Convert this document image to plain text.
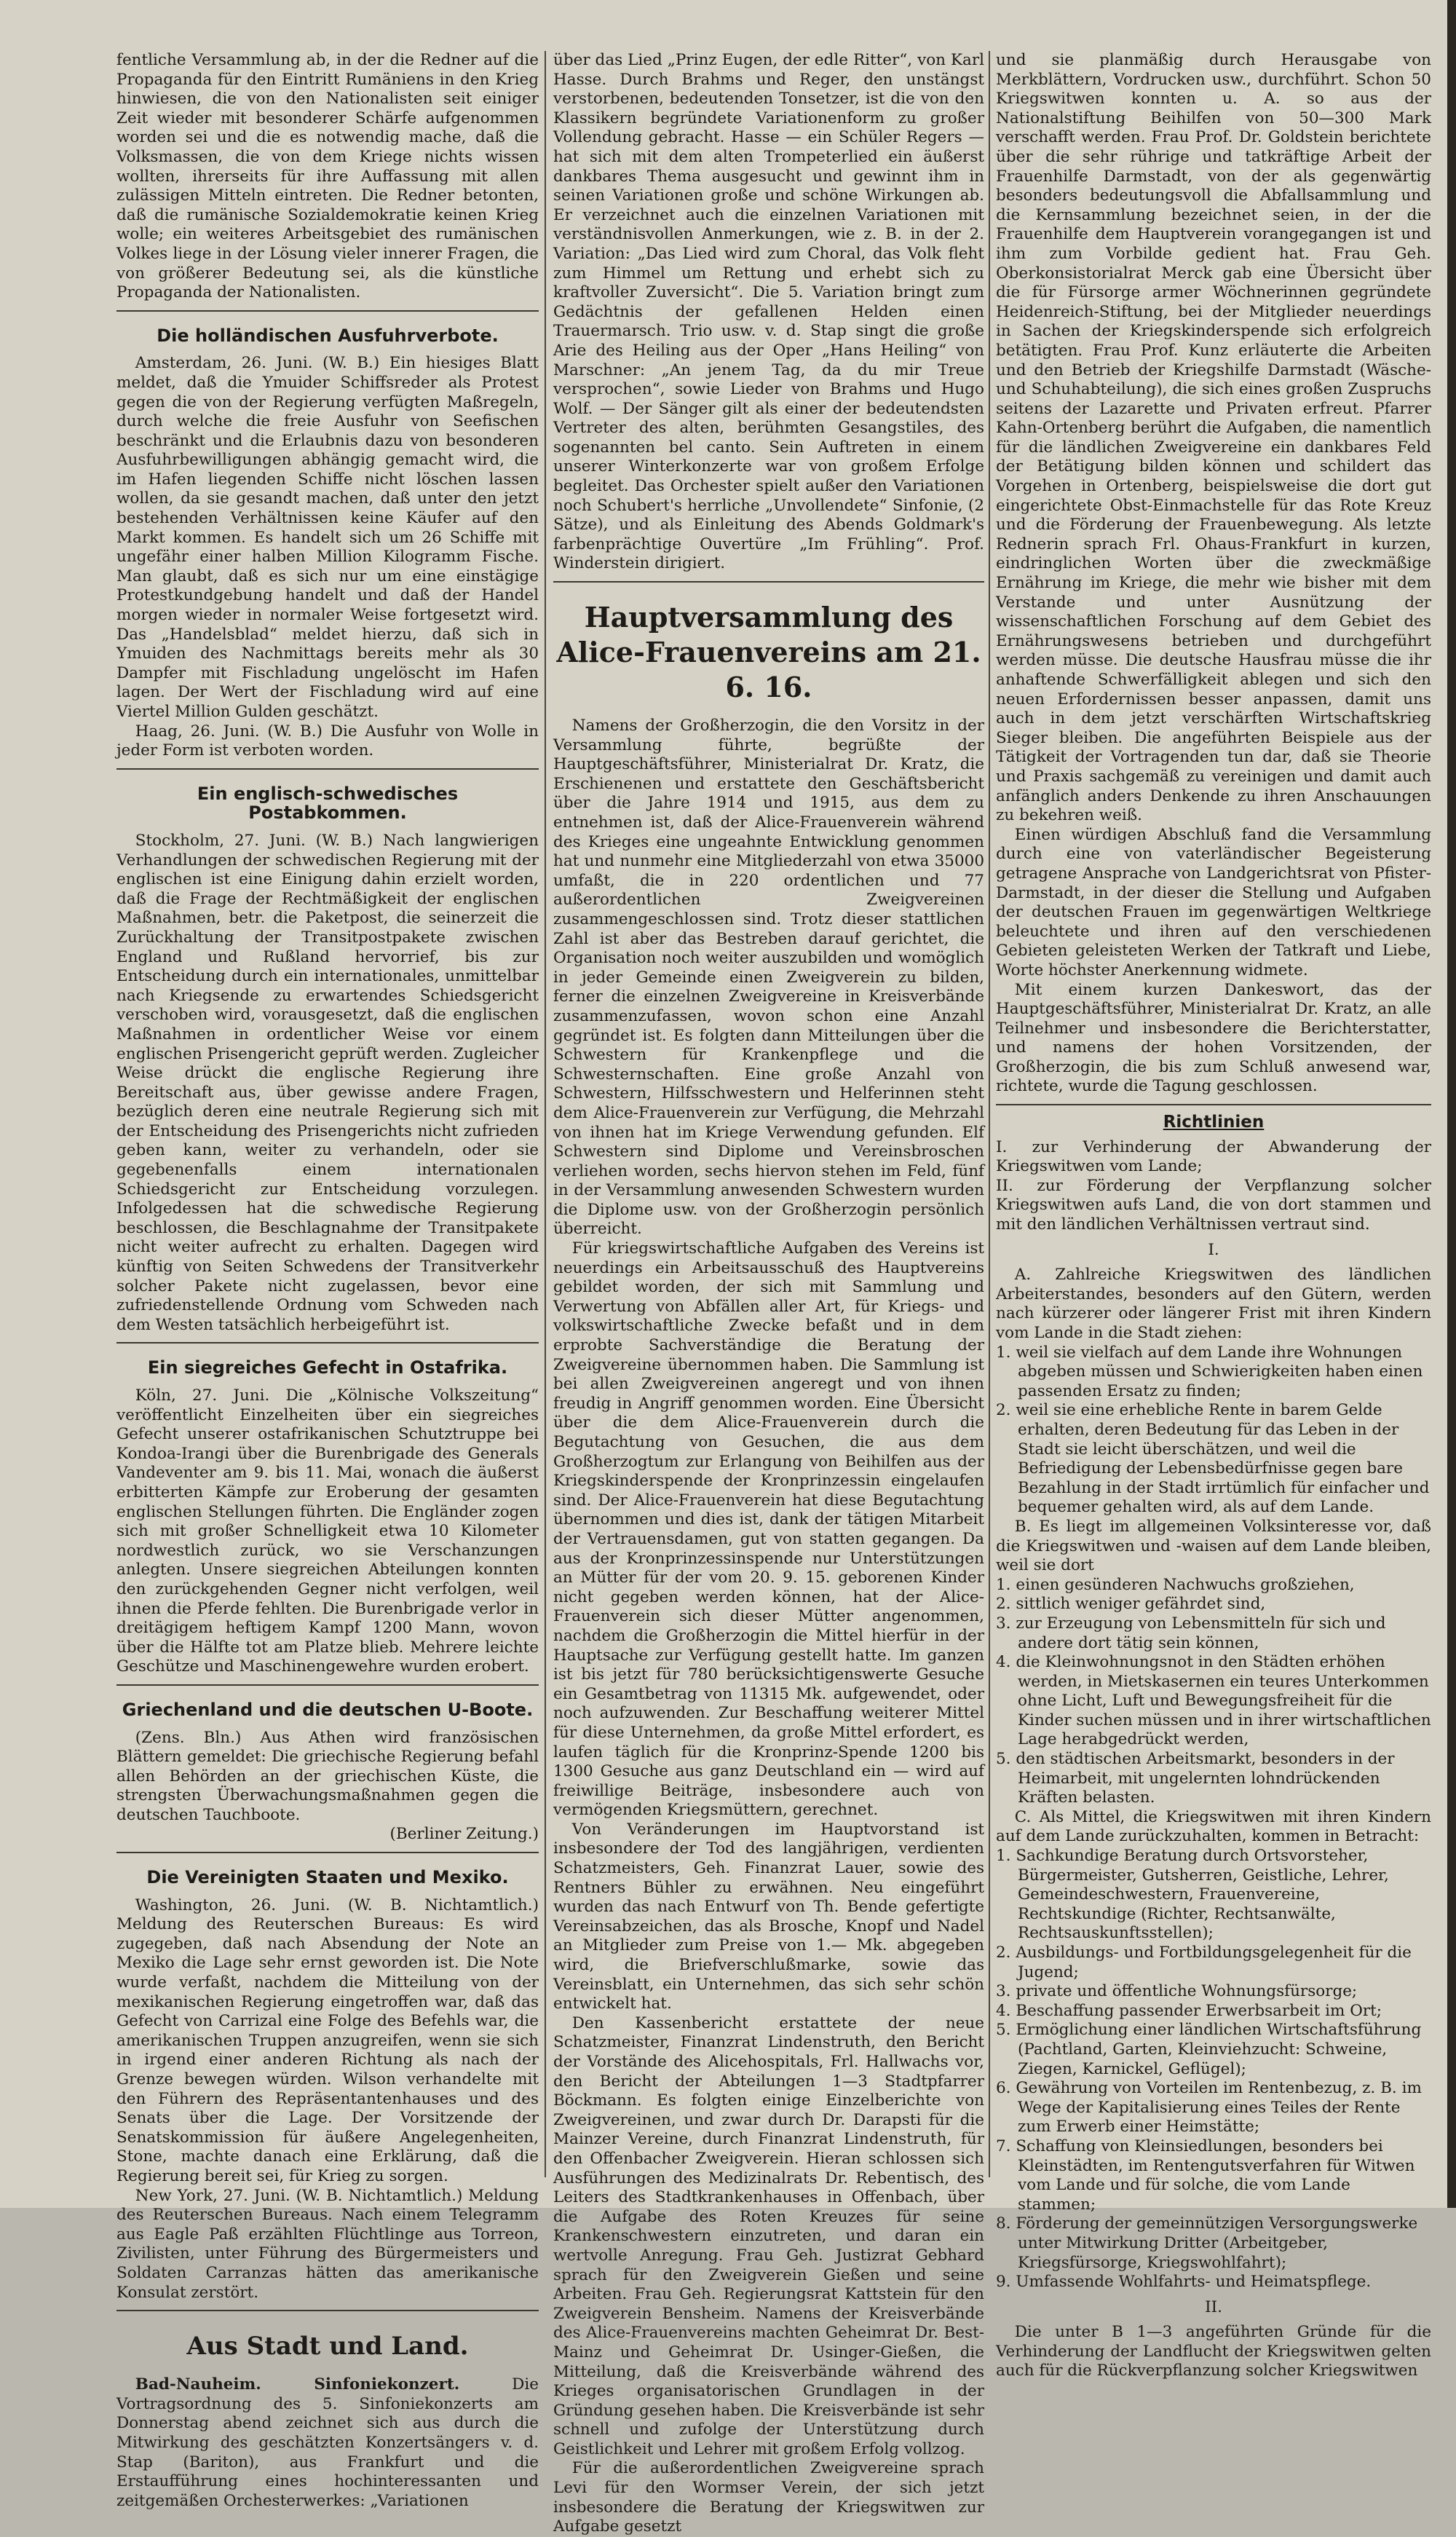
fentliche Versammlung ab, in der die Redner auf die Propaganda für den Eintritt Rumäniens in den Krieg hinwiesen, die von den Nationalisten seit einiger Zeit wieder mit besonderer Schärfe aufgenommen worden sei und die es notwendig mache, daß die Volksmassen, die von dem Kriege nichts wissen wollten, ihrerseits für ihre Auffassung mit allen zulässigen Mitteln eintreten. Die Redner betonten, daß die rumänische Sozialdemokratie keinen Krieg wolle; ein weiteres Arbeitsgebiet des rumänischen Volkes liege in der Lösung vieler innerer Fragen, die von größerer Bedeutung sei, als die künstliche Propaganda der Nationalisten.

Die holländischen Ausfuhrverbote.

Amsterdam, 26. Juni. (W. B.) Ein hiesiges Blatt meldet, daß die Ymuider Schiffsreder als Protest gegen die von der Regierung verfügten Maßregeln, durch welche die freie Ausfuhr von Seefischen beschränkt und die Erlaubnis dazu von besonderen Ausfuhrbewilligungen abhängig gemacht wird, die im Hafen liegenden Schiffe nicht löschen lassen wollen, da sie gesandt machen, daß unter den jetzt bestehenden Verhältnissen keine Käufer auf den Markt kommen. Es handelt sich um 26 Schiffe mit ungefähr einer halben Million Kilogramm Fische. Man glaubt, daß es sich nur um eine einstägige Protestkundgebung handelt und daß der Handel morgen wieder in normaler Weise fortgesetzt wird. Das „Handelsblad“ meldet hierzu, daß sich in Ymuiden des Nachmittags bereits mehr als 30 Dampfer mit Fischladung ungelöscht im Hafen lagen. Der Wert der Fischladung wird auf eine Viertel Million Gulden geschätzt.

Haag, 26. Juni. (W. B.) Die Ausfuhr von Wolle in jeder Form ist verboten worden.

Ein englisch-schwedisches Postabkommen.

Stockholm, 27. Juni. (W. B.) Nach langwierigen Verhandlungen der schwedischen Regierung mit der englischen ist eine Einigung dahin erzielt worden, daß die Frage der Rechtmäßigkeit der englischen Maßnahmen, betr. die Paketpost, die seinerzeit die Zurückhaltung der Transitpostpakete zwischen England und Rußland hervorrief, bis zur Entscheidung durch ein internationales, unmittelbar nach Kriegsende zu erwartendes Schiedsgericht verschoben wird, vorausgesetzt, daß die englischen Maßnahmen in ordentlicher Weise vor einem englischen Prisengericht geprüft werden. Zugleicher Weise drückt die englische Regierung ihre Bereitschaft aus, über gewisse andere Fragen, bezüglich deren eine neutrale Regierung sich mit der Entscheidung des Prisengerichts nicht zufrieden geben kann, weiter zu verhandeln, oder sie gegebenenfalls einem internationalen Schiedsgericht zur Entscheidung vorzulegen. Infolgedessen hat die schwedische Regierung beschlossen, die Beschlagnahme der Transitpakete nicht weiter aufrecht zu erhalten. Dagegen wird künftig von Seiten Schwedens der Transitverkehr solcher Pakete nicht zugelassen, bevor eine zufriedenstellende Ordnung vom Schweden nach dem Westen tatsächlich herbeigeführt ist.

Ein siegreiches Gefecht in Ostafrika.

Köln, 27. Juni. Die „Kölnische Volkszeitung“ veröffentlicht Einzelheiten über ein siegreiches Gefecht unserer ostafrikanischen Schutztruppe bei Kondoa-Irangi über die Burenbrigade des Generals Vandeventer am 9. bis 11. Mai, wonach die äußerst erbitterten Kämpfe zur Eroberung der gesamten englischen Stellungen führten. Die Engländer zogen sich mit großer Schnelligkeit etwa 10 Kilometer nordwestlich zurück, wo sie Verschanzungen anlegten. Unsere siegreichen Abteilungen konnten den zurückgehenden Gegner nicht verfolgen, weil ihnen die Pferde fehlten. Die Burenbrigade verlor in dreitägigem heftigem Kampf 1200 Mann, wovon über die Hälfte tot am Platze blieb. Mehrere leichte Geschütze und Maschinengewehre wurden erobert.

Griechenland und die deutschen U-Boote.

(Zens. Bln.) Aus Athen wird französischen Blättern gemeldet: Die griechische Regierung befahl allen Behörden an der griechischen Küste, die strengsten Überwachungsmaßnahmen gegen die deutschen Tauchboote.

(Berliner Zeitung.)
Die Vereinigten Staaten und Mexiko.

Washington, 26. Juni. (W. B. Nichtamtlich.) Meldung des Reuterschen Bureaus: Es wird zugegeben, daß nach Absendung der Note an Mexiko die Lage sehr ernst geworden ist. Die Note wurde verfaßt, nachdem die Mitteilung von der mexikanischen Regierung eingetroffen war, daß das Gefecht von Carrizal eine Folge des Befehls war, die amerikanischen Truppen anzugreifen, wenn sie sich in irgend einer anderen Richtung als nach der Grenze bewegen würden. Wilson verhandelte mit den Führern des Repräsentantenhauses und des Senats über die Lage. Der Vorsitzende der Senatskommission für äußere Angelegenheiten, Stone, machte danach eine Erklärung, daß die Regierung bereit sei, für Krieg zu sorgen.

New York, 27. Juni. (W. B. Nichtamtlich.) Meldung des Reuterschen Bureaus. Nach einem Telegramm aus Eagle Paß erzählten Flüchtlinge aus Torreon, Zivilisten, unter Führung des Bürgermeisters und Soldaten Carranzas hätten das amerikanische Konsulat zerstört.

Aus Stadt und Land.

Bad-Nauheim. Sinfoniekonzert.	Die Vortragsordnung des 5. Sinfoniekonzerts am Donnerstag abend zeichnet sich aus durch die Mitwirkung des geschätzten Konzertsängers v. d. Stap (Bariton), aus Frankfurt und die Erstaufführung eines hochinteressanten und zeitgemäßen Orchesterwerkes: „Variationen

über das Lied „Prinz Eugen, der edle Ritter“, von Karl Hasse. Durch Brahms und Reger, den unstängst verstorbenen, bedeutenden Tonsetzer, ist die von den Klassikern begründete Variationenform zu großer Vollendung gebracht. Hasse — ein Schüler Regers — hat sich mit dem alten Trompeterlied ein äußerst dankbares Thema ausgesucht und gewinnt ihm in seinen Variationen große und schöne Wirkungen ab. Er verzeichnet auch die einzelnen Variationen mit verständnisvollen Anmerkungen, wie z. B. in der 2. Variation: „Das Lied wird zum Choral, das Volk fleht zum Himmel um Rettung und erhebt sich zu kraftvoller Zuversicht“. Die 5. Variation bringt zum Gedächtnis der gefallenen Helden einen Trauermarsch. Trio usw. v. d. Stap singt die große Arie des Heiling aus der Oper „Hans Heiling“ von Marschner: „An jenem Tag, da du mir Treue versprochen“, sowie Lieder von Brahms und Hugo Wolf. — Der Sänger gilt als einer der bedeutendsten Vertreter des alten, berühmten Gesangstiles, des sogenannten bel canto. Sein Auftreten in einem unserer Winterkonzerte war von großem Erfolge begleitet. Das Orchester spielt außer den Variationen noch Schubert's herrliche „Unvollendete“ Sinfonie, (2 Sätze), und als Einleitung des Abends Goldmark's farbenprächtige Ouvertüre „Im Frühling“. Prof. Winderstein dirigiert.

Hauptversammlung des Alice-Frauenvereins am 21. 6. 16.

Namens der Großherzogin, die den Vorsitz in der Versammlung führte, begrüßte der Hauptgeschäftsführer, Ministerialrat Dr. Kratz, die Erschienenen und erstattete den Geschäftsbericht über die Jahre 1914 und 1915, aus dem zu entnehmen ist, daß der Alice-Frauenverein während des Krieges eine ungeahnte Entwicklung genommen hat und nunmehr eine Mitgliederzahl von etwa 35000 umfaßt, die in 220 ordentlichen und 77 außerordentlichen Zweigvereinen zusammengeschlossen sind. Trotz dieser stattlichen Zahl ist aber das Bestreben darauf gerichtet, die Organisation noch weiter auszubilden und womöglich in jeder Gemeinde einen Zweigverein zu bilden, ferner die einzelnen Zweigvereine in Kreisverbände zusammenzufassen, wovon schon eine Anzahl gegründet ist. Es folgten dann Mitteilungen über die Schwestern für Krankenpflege und die Schwesternschaften. Eine große Anzahl von Schwestern, Hilfsschwestern und Helferinnen steht dem Alice-Frauenverein zur Verfügung, die Mehrzahl von ihnen hat im Kriege Verwendung gefunden. Elf Schwestern sind Diplome und Vereinsbroschen verliehen worden, sechs hiervon stehen im Feld, fünf in der Versammlung anwesenden Schwestern wurden die Diplome usw. von der Großherzogin persönlich überreicht.

Für kriegswirtschaftliche Aufgaben des Vereins ist neuerdings ein Arbeitsausschuß des Hauptvereins gebildet worden, der sich mit Sammlung und Verwertung von Abfällen aller Art, für Kriegs- und volkswirtschaftliche Zwecke befaßt und in dem erprobte Sachverständige die Beratung der Zweigvereine übernommen haben. Die Sammlung ist bei allen Zweigvereinen angeregt und von ihnen freudig in Angriff genommen worden. Eine Übersicht über die dem Alice-Frauenverein durch die Begutachtung von Gesuchen, die aus dem Großherzogtum zur Erlangung von Beihilfen aus der Kriegskinderspende der Kronprinzessin eingelaufen sind. Der Alice-Frauenverein hat diese Begutachtung übernommen und dies ist, dank der tätigen Mitarbeit der Vertrauensdamen, gut von statten gegangen. Da aus der Kronprinzessinspende nur Unterstützungen an Mütter für der vom 20. 9. 15. geborenen Kinder nicht gegeben werden können, hat der Alice-Frauenverein sich dieser Mütter angenommen, nachdem die Großherzogin die Mittel hierfür in der Hauptsache zur Verfügung gestellt hatte. Im ganzen ist bis jetzt für 780 berücksichtigenswerte Gesuche ein Gesamtbetrag von 11315 Mk. aufgewendet, oder noch aufzuwenden. Zur Beschaffung weiterer Mittel für diese Unternehmen, da große Mittel erfordert, es laufen täglich für die Kronprinz-Spende 1200 bis 1300 Gesuche aus ganz Deutschland ein — wird auf freiwillige Beiträge, insbesondere auch von vermögenden Kriegsmüttern, gerechnet.

Von Veränderungen im Hauptvorstand ist insbesondere der Tod des langjährigen, verdienten Schatzmeisters, Geh. Finanzrat Lauer, sowie des Rentners Bühler zu erwähnen. Neu eingeführt wurden das nach Entwurf von Th. Bende gefertigte Vereinsabzeichen, das als Brosche, Knopf und Nadel an Mitglieder zum Preise von 1.— Mk. abgegeben wird, die Briefverschlußmarke, sowie das Vereinsblatt, ein Unternehmen, das sich sehr schön entwickelt hat.

Den Kassenbericht erstattete der neue Schatzmeister, Finanzrat Lindenstruth, den Bericht der Vorstände des Alicehospitals, Frl. Hallwachs vor, den Bericht der Abteilungen 1—3 Stadtpfarrer Böckmann. Es folgten einige Einzelberichte von Zweigvereinen, und zwar durch Dr. Darapsti für die Mainzer Vereine, durch Finanzrat Lindenstruth, für den Offenbacher Zweigverein. Hieran schlossen sich Ausführungen des Medizinalrats Dr. Rebentisch, des Leiters des Stadtkrankenhauses in Offenbach, über die Aufgabe des Roten Kreuzes für seine Krankenschwestern einzutreten, und daran ein wertvolle Anregung. Frau Geh. Justizrat Gebhard sprach für den Zweigverein Gießen und seine Arbeiten. Frau Geh. Regierungsrat Kattstein für den Zweigverein Bensheim. Namens der Kreisverbände des Alice-Frauenvereins machten Geheimrat Dr. Best-Mainz und Geheimrat Dr. Usinger-Gießen, die Mitteilung, daß die Kreisverbände während des Krieges organisatorischen Grundlagen in der Gründung gesehen haben. Die Kreisverbände ist sehr schnell und zufolge der Unterstützung durch Geistlichkeit und Lehrer mit großem Erfolg vollzog.

Für die außerordentlichen Zweigvereine sprach Levi für den Wormser Verein, der sich jetzt insbesondere die Beratung der Kriegswitwen zur Aufgabe gesetzt

und sie planmäßig durch Herausgabe von Merkblättern, Vordrucken usw., durchführt. Schon 50 Kriegswitwen konnten u. A. so aus der Nationalstiftung Beihilfen von 50—300 Mark verschafft werden. Frau Prof. Dr. Goldstein berichtete über die sehr rührige und tatkräftige Arbeit der Frauenhilfe Darmstadt, von der als gegenwärtig besonders bedeutungsvoll die Abfallsammlung und die Kernsammlung bezeichnet seien, in der die Frauenhilfe dem Hauptverein vorangegangen ist und ihm zum Vorbilde gedient hat. Frau Geh. Oberkonsistorialrat Merck gab eine Übersicht über die für Fürsorge armer Wöchnerinnen gegründete Heidenreich-Stiftung, bei der Mitglieder neuerdings in Sachen der Kriegskinderspende sich erfolgreich betätigten. Frau Prof. Kunz erläuterte die Arbeiten und den Betrieb der Kriegshilfe Darmstadt (Wäsche- und Schuhabteilung), die sich eines großen Zuspruchs seitens der Lazarette und Privaten erfreut. Pfarrer Kahn-Ortenberg berührt die Aufgaben, die namentlich für die ländlichen Zweigvereine ein dankbares Feld der Betätigung bilden können und schildert das Vorgehen in Ortenberg, beispielsweise die dort gut eingerichtete Obst-Einmachstelle für das Rote Kreuz und die Förderung der Frauenbewegung. Als letzte Rednerin sprach Frl. Ohaus-Frankfurt in kurzen, eindringlichen Worten über die zweckmäßige Ernährung im Kriege, die mehr wie bisher mit dem Verstande und unter Ausnützung der wissenschaftlichen Forschung auf dem Gebiet des Ernährungswesens betrieben und durchgeführt werden müsse. Die deutsche Hausfrau müsse die ihr anhaftende Schwerfälligkeit ablegen und sich den neuen Erfordernissen besser anpassen, damit uns auch in dem jetzt verschärften Wirtschaftskrieg Sieger bleiben. Die angeführten Beispiele aus der Tätigkeit der Vortragenden tun dar, daß sie Theorie und Praxis sachgemäß zu vereinigen und damit auch anfänglich anders Denkende zu ihren Anschauungen zu bekehren weiß.

Einen würdigen Abschluß fand die Versammlung durch eine von vaterländischer Begeisterung getragene Ansprache von Landgerichtsrat von Pfister-Darmstadt, in der dieser die Stellung und Aufgaben der deutschen Frauen im gegenwärtigen Weltkriege beleuchtete und ihren auf den verschiedenen Gebieten geleisteten Werken der Tatkraft und Liebe, Worte höchster Anerkennung widmete.

Mit einem kurzen Dankeswort, das der Hauptgeschäftsführer, Ministerialrat Dr. Kratz, an alle Teilnehmer und insbesondere die Berichterstatter, und namens der hohen Vorsitzenden, der Großherzogin, die bis zum Schluß anwesend war, richtete, wurde die Tagung geschlossen.

Richtlinien

I. zur Verhinderung der Abwanderung der Kriegswitwen vom Lande;

II. zur Förderung der Verpflanzung solcher Kriegswitwen aufs Land, die von dort stammen und mit den ländlichen Verhältnissen vertraut sind.

I.

A. Zahlreiche Kriegswitwen des ländlichen Arbeiterstandes, besonders auf den Gütern, werden nach kürzerer oder längerer Frist mit ihren Kindern vom Lande in die Stadt ziehen:

1. weil sie vielfach auf dem Lande ihre Wohnungen abgeben müssen und Schwierigkeiten haben einen passenden Ersatz zu finden;
2. weil sie eine erhebliche Rente in barem Gelde erhalten, deren Bedeutung für das Leben in der Stadt sie leicht überschätzen, und weil die Befriedigung der Lebensbedürfnisse gegen bare Bezahlung in der Stadt irrtümlich für einfacher und bequemer gehalten wird, als auf dem Lande.

B. Es liegt im allgemeinen Volksinteresse vor, daß die Kriegswitwen und -waisen auf dem Lande bleiben, weil sie dort

1. einen gesünderen Nachwuchs großziehen,
2. sittlich weniger gefährdet sind,
3. zur Erzeugung von Lebensmitteln für sich und andere dort tätig sein können,
4. die Kleinwohnungsnot in den Städten erhöhen werden, in Mietskasernen ein teures Unterkommen ohne Licht, Luft und Bewegungsfreiheit für die Kinder suchen müssen und in ihrer wirtschaftlichen Lage herabgedrückt werden,
5. den städtischen Arbeitsmarkt, besonders in der Heimarbeit, mit ungelernten lohndrückenden Kräften belasten.

C. Als Mittel, die Kriegswitwen mit ihren Kindern auf dem Lande zurückzuhalten, kommen in Betracht:

1. Sachkundige Beratung durch Ortsvorsteher, Bürgermeister, Gutsherren, Geistliche, Lehrer, Gemeindeschwestern, Frauenvereine, Rechtskundige (Richter, Rechtsanwälte, Rechtsauskunftsstellen);
2. Ausbildungs- und Fortbildungsgelegenheit für die Jugend;
3. private und öffentliche Wohnungsfürsorge;
4. Beschaffung passender Erwerbsarbeit im Ort;
5. Ermöglichung einer ländlichen Wirtschaftsführung (Pachtland, Garten, Kleinviehzucht: Schweine, Ziegen, Karnickel, Geflügel);
6. Gewährung von Vorteilen im Rentenbezug, z. B. im Wege der Kapitalisierung eines Teiles der Rente zum Erwerb einer Heimstätte;
7. Schaffung von Kleinsiedlungen, besonders bei Kleinstädten, im Rentengutsverfahren für Witwen vom Lande und für solche, die vom Lande stammen;
8. Förderung der gemeinnützigen Versorgungswerke unter Mitwirkung Dritter (Arbeitgeber, Kriegsfürsorge, Kriegswohlfahrt);
9. Umfassende Wohlfahrts- und Heimatspflege.
II.

Die unter B 1—3 angeführten Gründe für die Verhinderung der Landflucht der Kriegswitwen gelten auch für die Rückverpflanzung solcher Kriegswitwen
